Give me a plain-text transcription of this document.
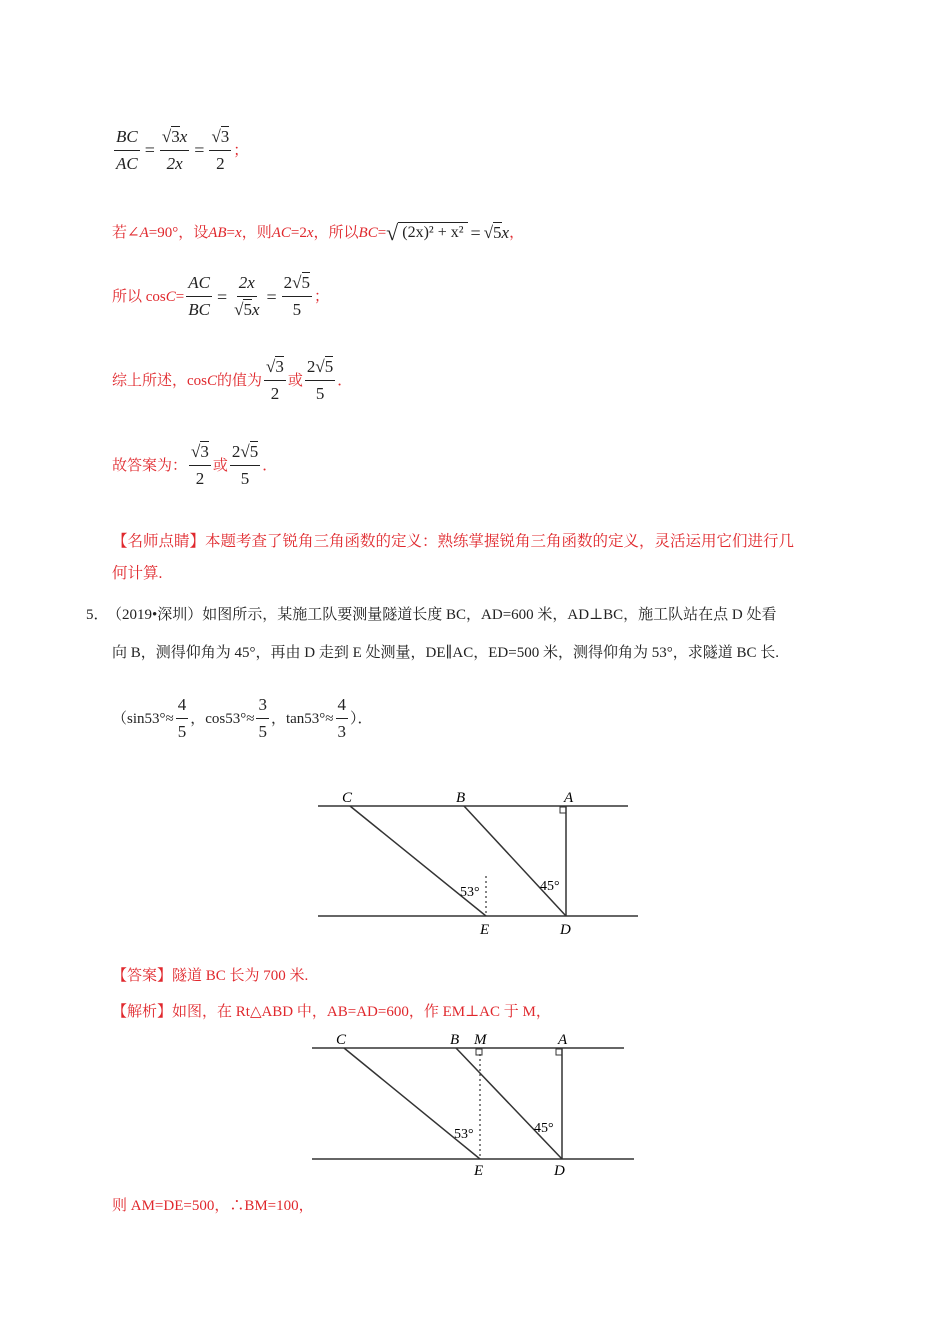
$\frac{BC}{AC} = \frac{√3x}{2x} = \frac{√3}{2}$ ；
若∠ A =90°，设 AB = x ，则 AC =2 x ，所以 BC = √ (2x)² + x² = √ 5 x ，
所以 $\cos C = \frac{AC}{BC} = \frac{2x}{√5x} = \frac{2√5}{5}$ ；
综上所述，cos C 的值为 $\frac{√3}{2}$ 或 $\frac{2√5}{5}$ ．
故答案为： $\frac{√3}{2}$ 或 $\frac{2√5}{5}$ ．
【名师点睛】本题考查了锐角三角函数的定义：熟练掌握锐角三角函数的定义，灵活运用它们进行几
何计算.
5． （2019•深圳）如图所示，某施工队要测量隧道长度 BC，AD=600 米，AD⊥BC，施工队站在点 D 处看
向 B，测得仰角为 45°，再由 D 走到 E 处测量，DE∥AC，ED=500 米，测得仰角为 53°，求隧道 BC 长.
（$\sin 53^\circ\approx \frac{4}{5}$ ，$\cos 53^\circ\approx \frac{3}{5}$ ，$\tan 53^\circ\approx \frac{4}{3}$ ）．
C	B	A
E	D
53°	45°
【答案】隧道 BC 长为 700 米.
【解析】如图，在 Rt△ABD 中，AB=AD=600，作 EM⊥AC 于 M，
C	B M	A
E	D
53°	45°
则 AM=DE=500，∴BM=100，
